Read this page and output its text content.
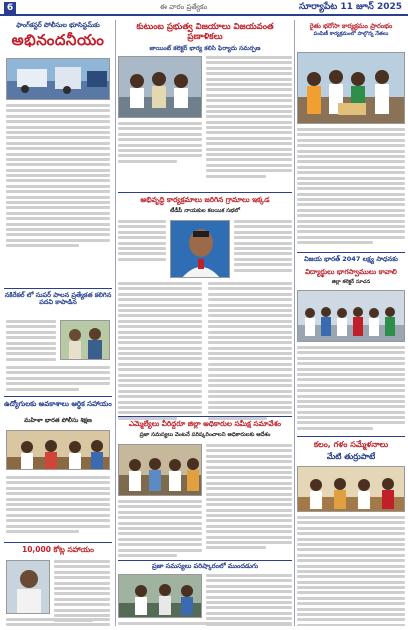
6	ఈ వారం ప్రత్యేకం	సూర్యాపేట 11 జూన్ 2025
ఫాంగ్‌కస్టర్ పోలీసుల భూసిస్టమ్‌కు
అభినందనీయం
నకిరేకల్ లో సుపర్ పాలన ప్రత్యేకత కలిగిన పదవి కాపాడిన
ఉద్యోగులకు అవకాశాలు ఆర్థిక సహాయం
మహిళా భారత పోలీసు శిక్షణ
10,000 కోట్ల సహాయం
కుటుంబ ప్రభుత్వ విజయాలు విజయవంత ప్రణాళికలు
జాయింట్ కలెక్టర్ భార్య కలిసి ఫిర్యాదు సమర్పణ
అభివృద్ధి కార్యక్రమాలు జరిగిన గ్రామాలు ఇక్కడ
టీడీపీ నాయకుల కలయిక సభలో
ఎమ్మెల్యేలు వీరిద్దరూ జిల్లా అధికారుల సమీక్ష సమావేశం
ప్రజా సమస్యలు వెంటనే పరిష్కరించాలని అధికారులకు ఆదేశం
ప్రజా సమస్యలు పరిష్కారంలో ముందడుగు
రైతు భరోసా కార్యక్రమం ప్రారంభం
పంపిణీ కార్యక్రమంలో పాల్గొన్న నేతలు
విజయ భారత్ 2047 లక్ష్య సాధనకు
విద్యార్థులు భాగస్వాములు కావాలి
జిల్లా కలెక్టర్ సూచన
కలం, గళం సమ్మేళనాలు
మేటి తుర్రుపాటే
